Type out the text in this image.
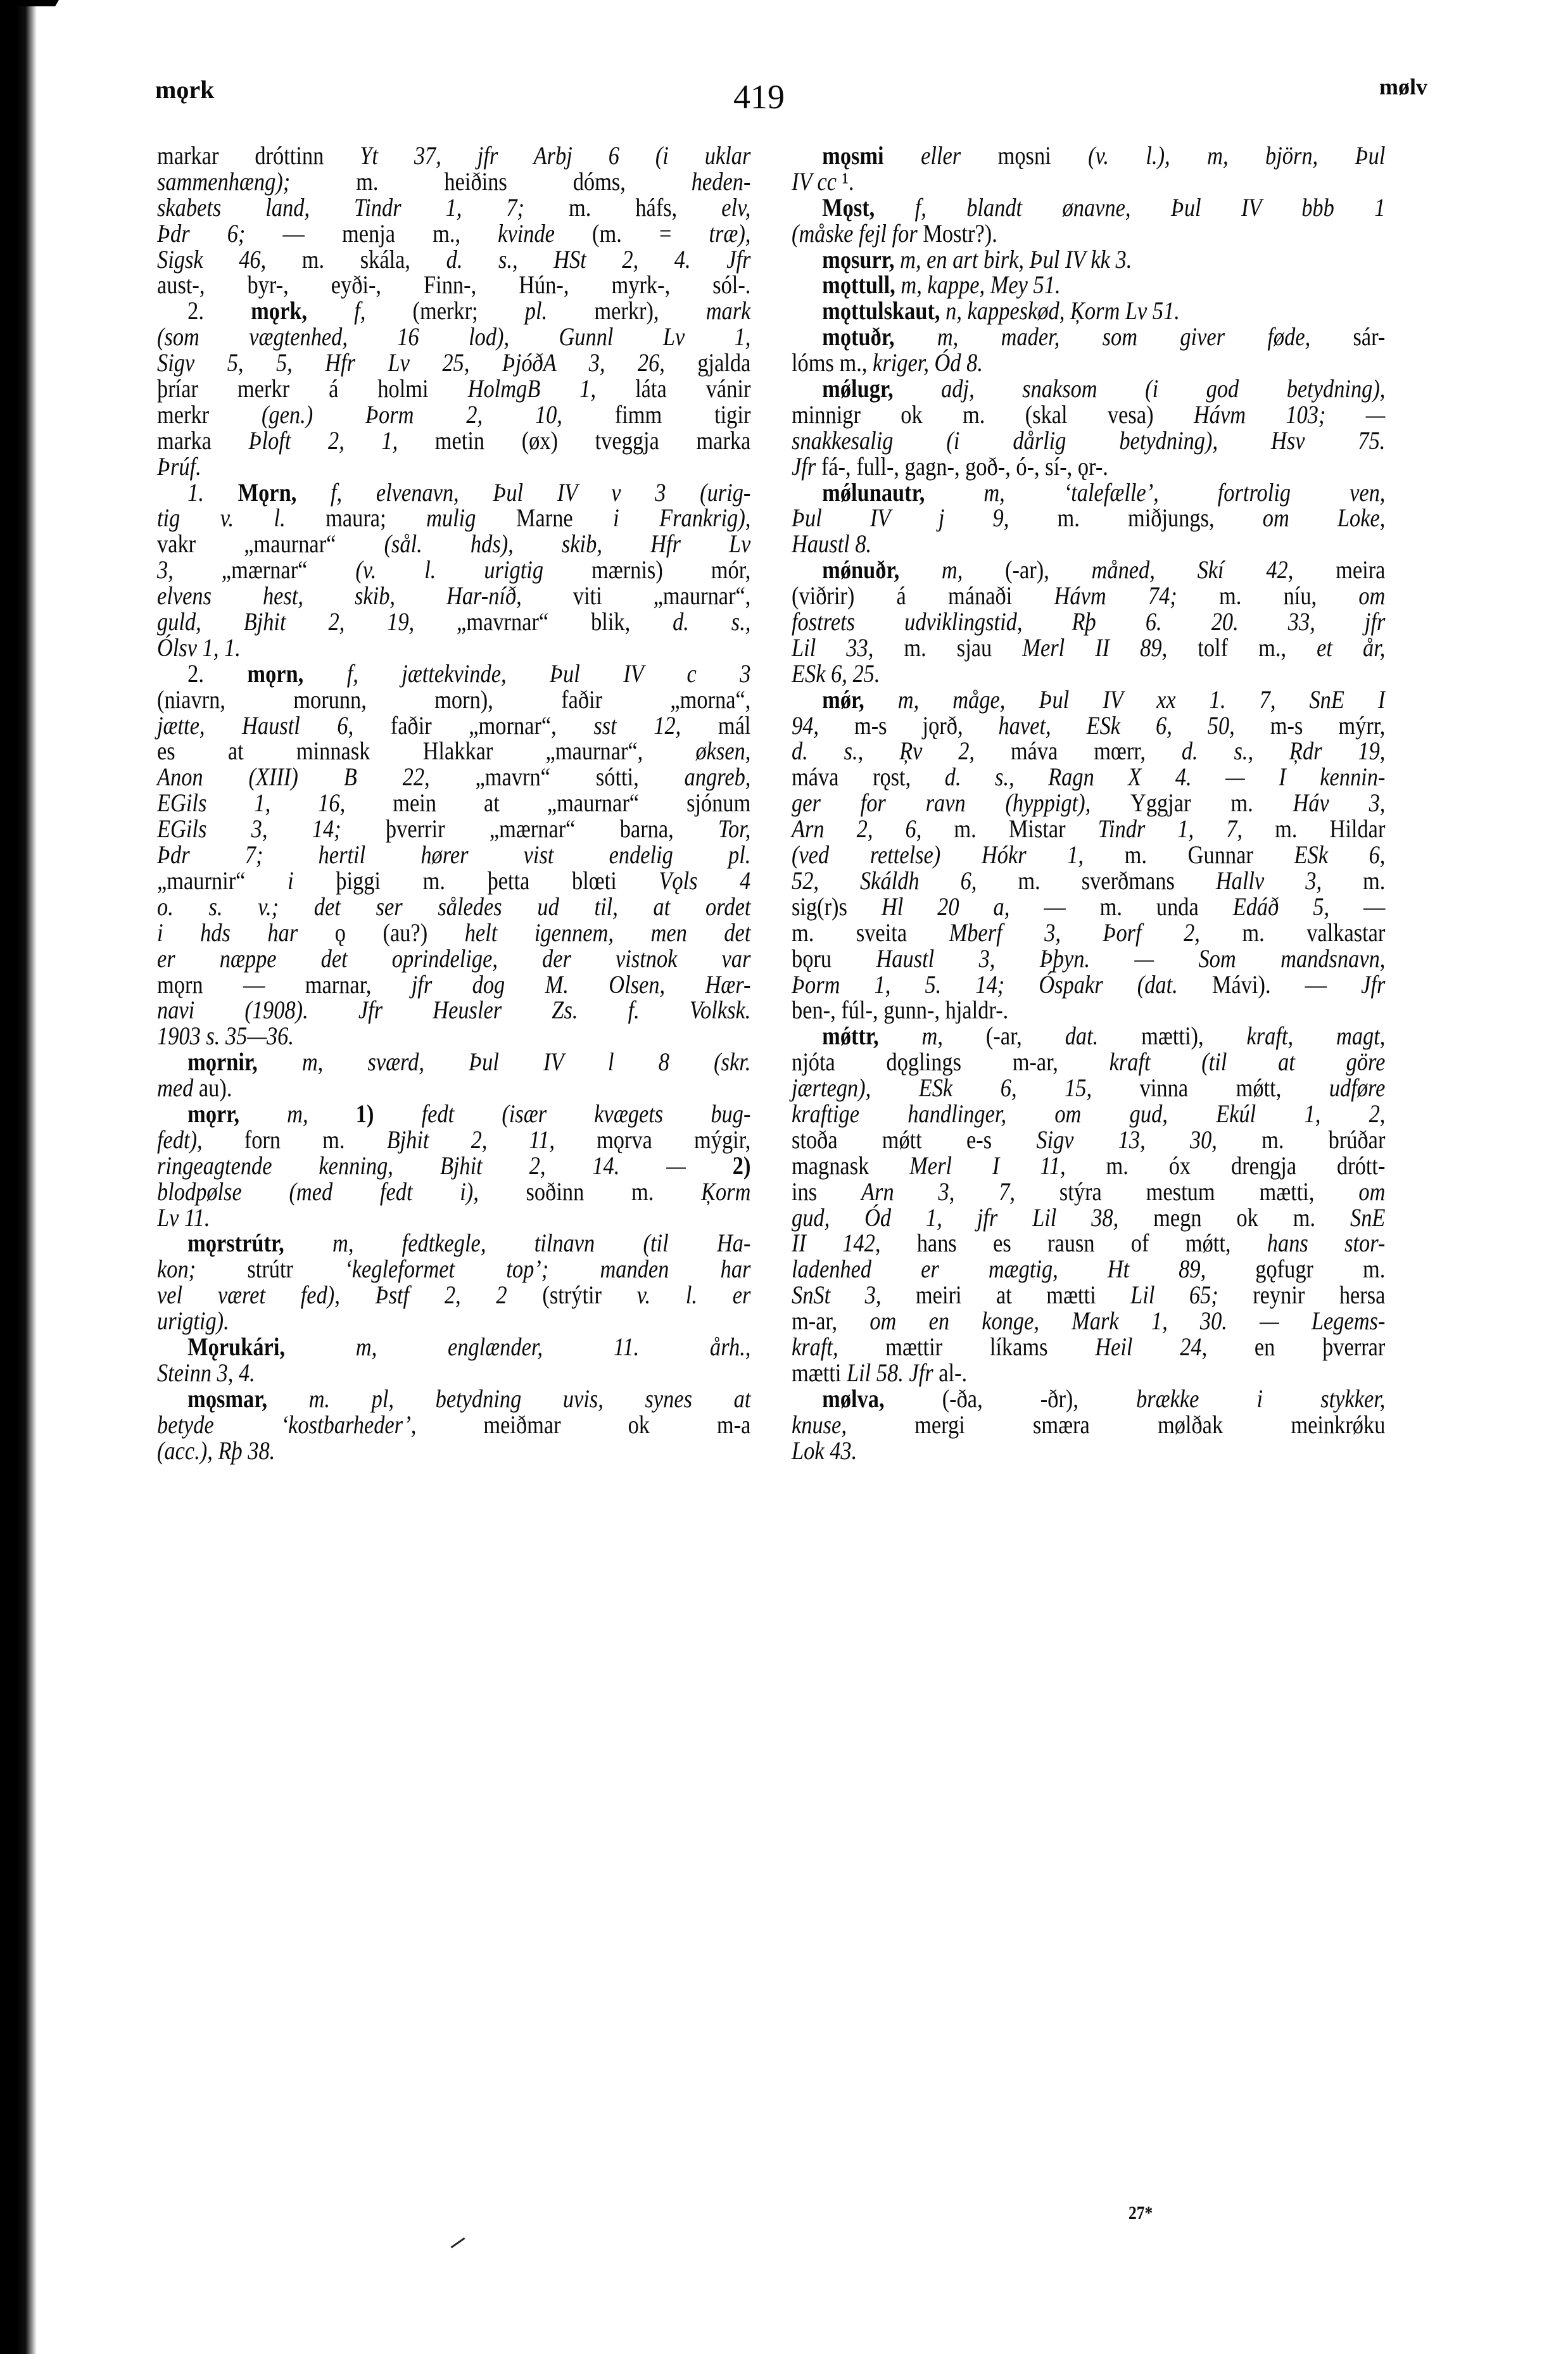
mǫrk	419	mølv
markar dróttinn Yt 37, jfr Arbj 6 (i uklar
sammenhæng); m. heiðins dóms, heden-
skabets land, Tindr 1, 7; m. háfs, elv,
Þdr 6; — menja m., kvinde (m. = træ),
Sigsk 46, m. skála, d. s., HSt 2, 4. Jfr
aust-, byr-, eyði-, Finn-, Hún-, myrk-, sól-.
2. mǫrk, f, (merkr; pl. merkr), mark
(som vægtenhed, 16 lod), Gunnl Lv 1,
Sigv 5, 5, Hfr Lv 25, ÞjóðA 3, 26, gjalda
þríar merkr á holmi HolmgB 1, láta vánir
merkr (gen.) Þorm 2, 10, fimm tigir
marka Þloft 2, 1, metin (øx) tveggja marka
Þrúf.
1. Mǫrn, f, elvenavn, Þul IV v 3 (urig-
tig v. l. maura; mulig Marne i Frankrig),
vakr „maurnar“ (sål. hds), skib, Hfr Lv
3, „mærnar“ (v. l. urigtig mærnis) mór,
elvens hest, skib, Har-níð, viti „maurnar“,
guld, Bjhit 2, 19, „mavrnar“ blik, d. s.,
Ólsv 1, 1.
2. mǫrn, f, jættekvinde, Þul IV c 3
(niavrn, morunn, morn), faðir „morna“,
jætte, Haustl 6, faðir „mornar“, sst 12, mál
es at minnask Hlakkar „maurnar“, øksen,
Anon (XIII) B 22, „mavrn“ sótti, angreb,
EGils 1, 16, mein at „maurnar“ sjónum
EGils 3, 14; þverrir „mærnar“ barna, Tor,
Þdr 7; hertil hører vist endelig pl.
„maurnir“ i þiggi m. þetta blœti Vǫls 4
o. s. v.; det ser således ud til, at ordet
i hds har ǫ (au?) helt igennem, men det
er næppe det oprindelige, der vistnok var
mǫrn — marnar, jfr dog M. Olsen, Hær-
navi (1908). Jfr Heusler Zs. f. Volksk.
1903 s. 35—36.
mǫrnir, m, sværd, Þul IV l 8 (skr.
med au).
mǫrr, m, 1) fedt (især kvægets bug-
fedt), forn m. Bjhit 2, 11, mǫrva mýgir,
ringeagtende kenning, Bjhit 2, 14. — 2)
blodpølse (med fedt i), soðinn m. Ķorm
Lv 11.
mǫrstrútr, m, fedtkegle, tilnavn (til Ha-
kon; strútr ‘kegleformet top’; manden har
vel været fed), Þstf 2, 2 (strýtir v. l. er
urigtig).
Mǫrukári, m, englænder, 11. årh.,
Steinn 3, 4.
mǫsmar, m. pl, betydning uvis, synes at
betyde ‘kostbarheder’, meiðmar ok m-a
(acc.), Rþ 38.
mǫsmi eller mǫsni (v. l.), m, björn, Þul
IV cc ¹.
Mǫst, f, blandt ønavne, Þul IV bbb 1
(måske fejl for Mostr?).
mǫsurr, m, en art birk, Þul IV kk 3.
mǫttull, m, kappe, Mey 51.
mǫttulskaut, n, kappeskød, Ķorm Lv 51.
mǫtuðr, m, mader, som giver føde, sár-
lóms m., kriger, Ód 8.
mǿlugr, adj, snaksom (i god betydning),
minnigr ok m. (skal vesa) Hávm 103; —
snakkesalig (i dårlig betydning), Hsv 75.
Jfr fá-, full-, gagn-, goð-, ó-, sí-, ǫr-.
mǿlunautr, m, ‘talefælle’, fortrolig ven,
Þul IV j 9, m. miðjungs, om Loke,
Haustl 8.
mǿnuðr, m, (-ar), måned, Skí 42, meira
(viðrir) á mánaði Hávm 74; m. níu, om
fostrets udviklingstid, Rþ 6. 20. 33, jfr
Lil 33, m. sjau Merl II 89, tolf m., et år,
ESk 6, 25.
mǿr, m, måge, Þul IV xx 1. 7, SnE I
94, m-s jǫrð, havet, ESk 6, 50, m-s mýrr,
d. s., Ŗv 2, máva mœrr, d. s., Ŗdr 19,
máva rǫst, d. s., Ragn X 4. — I kennin-
ger for ravn (hyppigt), Yggjar m. Háv 3,
Arn 2, 6, m. Mistar Tindr 1, 7, m. Hildar
(ved rettelse) Hókr 1, m. Gunnar ESk 6,
52, Skáldh 6, m. sverðmans Hallv 3, m.
sig(r)s Hl 20 a, — m. unda Edáð 5, —
m. sveita Mberf 3, Þorf 2, m. valkastar
bǫru Haustl 3, Þþyn. — Som mandsnavn,
Þorm 1, 5. 14; Óspakr (dat. Mávi). — Jfr
ben-, fúl-, gunn-, hjaldr-.
mǿttr, m, (-ar, dat. mætti), kraft, magt,
njóta dǫglings m-ar, kraft (til at göre
jærtegn), ESk 6, 15, vinna mǿtt, udføre
kraftige handlinger, om gud, Ekúl 1, 2,
stoða mǿtt e-s Sigv 13, 30, m. brúðar
magnask Merl I 11, m. óx drengja drótt-
ins Arn 3, 7, stýra mestum mætti, om
gud, Ód 1, jfr Lil 38, megn ok m. SnE
II 142, hans es rausn of mǿtt, hans stor-
ladenhed er mægtig, Ht 89, gǫfugr m.
SnSt 3, meiri at mætti Lil 65; reynir hersa
m-ar, om en konge, Mark 1, 30. — Legems-
kraft, mættir líkams Heil 24, en þverrar
mætti Lil 58. Jfr al-.
mølva, (-ða, -ðr), brække i stykker,
knuse, mergi smæra mølðak meinkrǿku
Lok 43.
27*
